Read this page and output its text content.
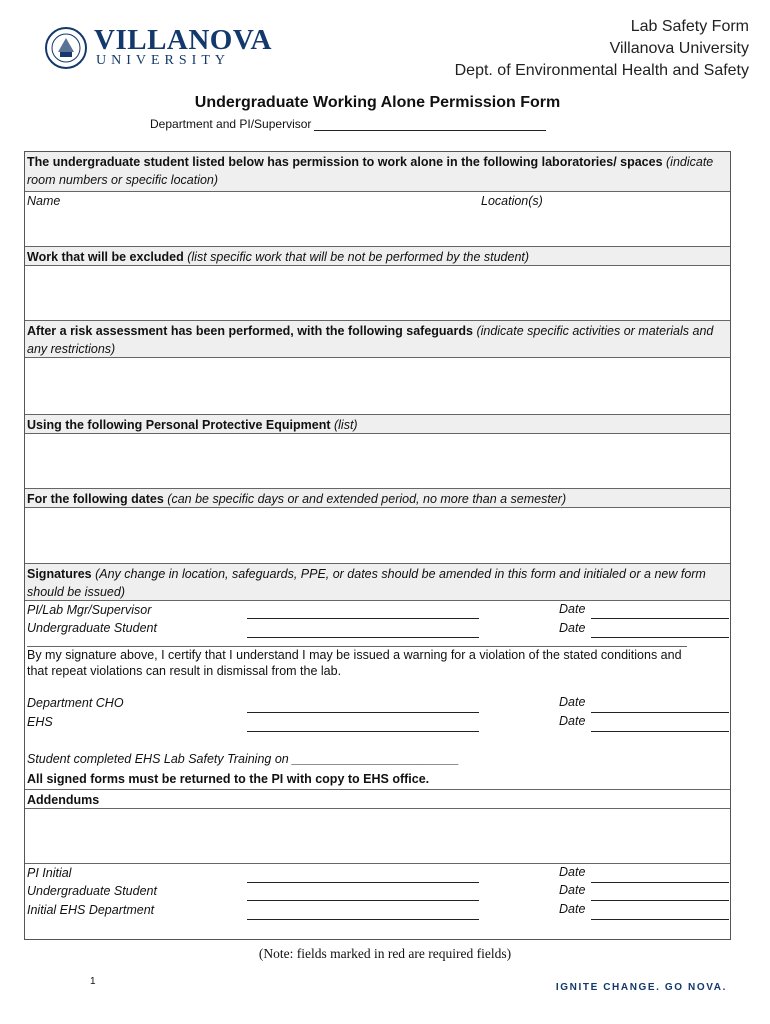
VILLANOVA
UNIVERSITY
Lab Safety Form
Villanova University
Dept. of Environmental Health and Safety
Undergraduate Working Alone Permission Form
Department and PI/Supervisor
The undergraduate student listed below has permission to work alone in the following laboratories/ spaces (indicate room numbers or specific location)
Name	Location(s)
Work that will be excluded (list specific work that will be not be performed by the student)
After a risk assessment has been performed, with the following safeguards (indicate specific activities or materials and any restrictions)
Using the following Personal Protective Equipment (list)
For the following dates (can be specific days or and extended period, no more than a semester)
Signatures (Any change in location, safeguards, PPE, or dates should be amended in this form and initialed or a new form should be issued)
PI/Lab Mgr/Supervisor	Date
Undergraduate Student	Date
By my signature above, I certify that I understand I may be issued a warning for a violation of the stated conditions and that repeat violations can result in dismissal from the lab.
Department CHO	Date
EHS	Date
Student completed EHS Lab Safety Training on ________________________
All signed forms must be returned to the PI with copy to EHS office.
Addendums
PI Initial	Date
Undergraduate Student	Date
Initial EHS Department	Date
(Note: fields marked in red are required fields)
1
IGNITE CHANGE. GO NOVA.
